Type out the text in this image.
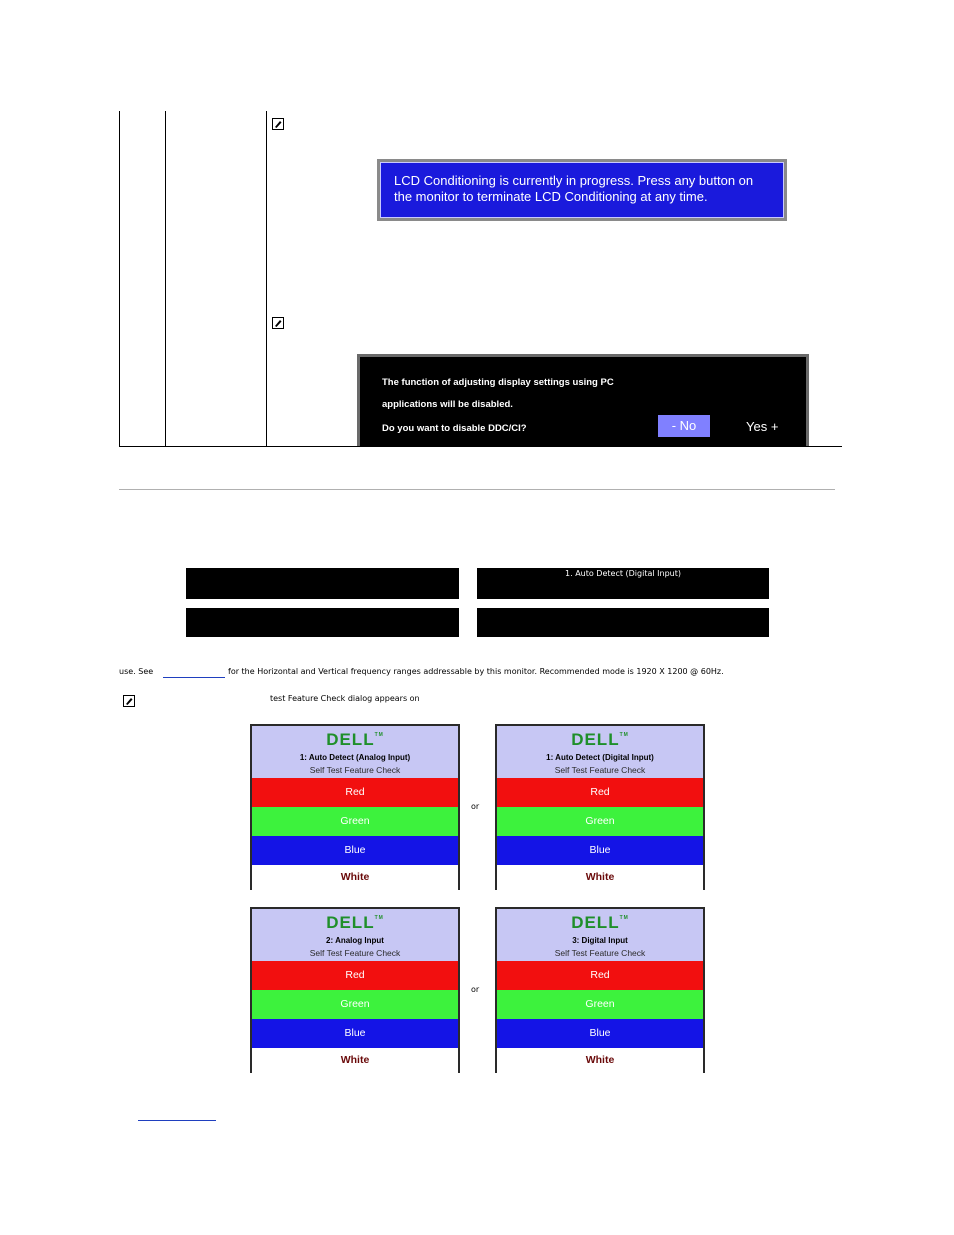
LCD Conditioning is currently in progress. Press any button on
the monitor to terminate LCD Conditioning at any time.
The function of adjusting display settings using PC
applications will be disabled.
Do you want to disable DDC/CI?	- No	Yes +
1. Auto Detect (Digital Input)
use. See	for the Horizontal and Vertical frequency ranges addressable by this monitor. Recommended mode is 1920 X 1200 @ 60Hz.
test Feature Check dialog appears on
DELL™
1: Auto Detect (Analog Input)
Self Test Feature Check
Red
Green
Blue
White
or
DELL™
1: Auto Detect (Digital Input)
Self Test Feature Check
Red
Green
Blue
White
DELL™
2: Analog Input
Self Test Feature Check
Red
Green
Blue
White
or
DELL™
3: Digital Input
Self Test Feature Check
Red
Green
Blue
White
